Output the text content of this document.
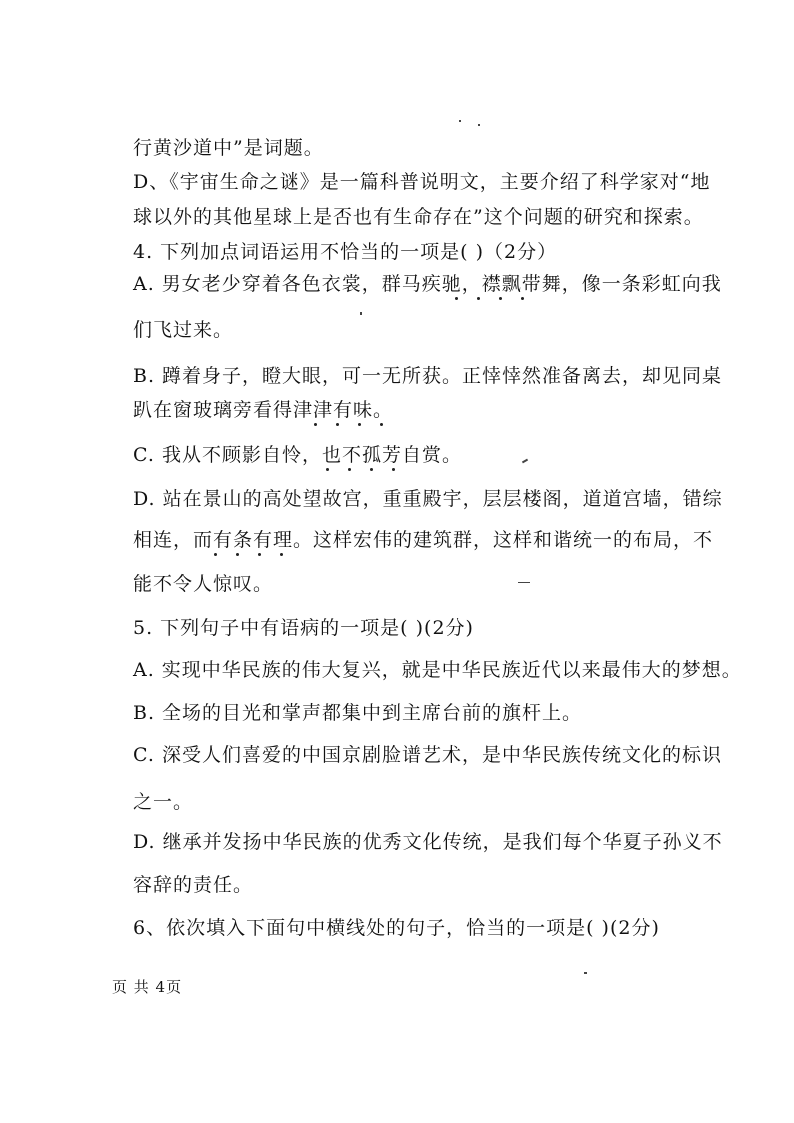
行黄沙道中”是词题。
D、《宇宙生命之谜》是一篇科普说明文，主要介绍了科学家对“地
球以外的其他星球上是否也有生命存在”这个问题的研究和探索。
4. 下列加点词语运用不恰当的一项是( )（2分）
A. 男女老少穿着各色衣裳，群马疾驰，襟飘带舞，像一条彩虹向我
们飞过来。
B. 蹲着身子，瞪大眼，可一无所获。正悻悻然准备离去，却见同桌
趴在窗玻璃旁看得津津有味。
C. 我从不顾影自怜，也不孤芳自赏。
D. 站在景山的高处望故宫，重重殿宇，层层楼阁，道道宫墙，错综
相连，而有条有理。这样宏伟的建筑群，这样和谐统一的布局，不
能不令人惊叹。
5. 下列句子中有语病的一项是( )(2分)
A. 实现中华民族的伟大复兴，就是中华民族近代以来最伟大的梦想。
B. 全场的目光和掌声都集中到主席台前的旗杆上。
C. 深受人们喜爱的中国京剧脸谱艺术，是中华民族传统文化的标识
之一。
D. 继承并发扬中华民族的优秀文化传统，是我们每个华夏子孙义不
容辞的责任。
6、依次填入下面句中横线处的句子，恰当的一项是( )(2分)
页 共 4页
